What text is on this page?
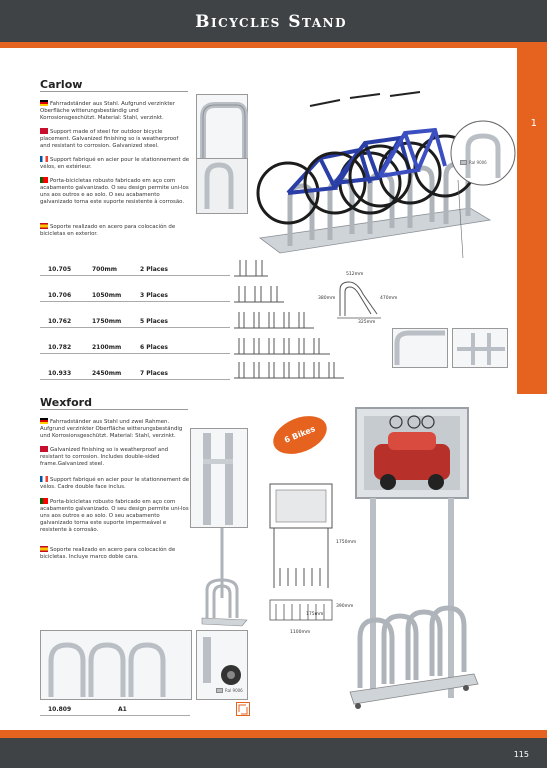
Bicycles Stand
1
Carlow
Fahrradständer aus Stahl. Aufgrund verzinkter Oberfläche witterungsbeständig und Korrosionsgeschützt. Material: Stahl, verzinkt.
Support made of steel for outdoor bicycle placement. Galvanized finishing so is weatherproof and resistant to corrosion. Galvanized steel.
Support fabriqué en acier pour le stationnement de vélos, en extérieur.
Porta-bicicletas robusto fabricado em aço com acabamento galvanizado. O seu design permite uni-los uns aos outros e ao solo. O seu acabamento galvanizado torna este suporte resistente à corrosão.
Soporte realizado en acero para colocación de bicicletas en exterior.
Ral 9006
10.705	700mm	2 Places
10.706	1050mm	3 Places
10.762	1750mm	5 Places
10.782	2100mm	6 Places
10.933	2450mm	7 Places
512mm
380mm	470mm
325mm
Wexford
Fahrradständer aus Stahl und zwei Rahmen. Aufgrund verzinkter Oberfläche witterungsbeständig und Korrosionsgeschützt. Material: Stahl, verzinkt.
Galvanized finishing so is weatherproof and resistant to corrosion. Includes double-sided frame.Galvanized steel.
Support fabriqué en acier pour le stationnement de vélos. Cadre double face inclus.
Porta-bicicletas robusto fabricado em aço com acabamento galvanizado. O seu design permite uni-los uns aos outros e ao solo. O seu acabamento galvanizado torna este suporte impermeável e resistente à corrosão.
Soporte realizado en acero para colocación de bicicletas. Incluye marco doble cara.
1750mm
390mm
175mm
1100mm
6 Bikes
Ral 9006
10.809	A1
115
